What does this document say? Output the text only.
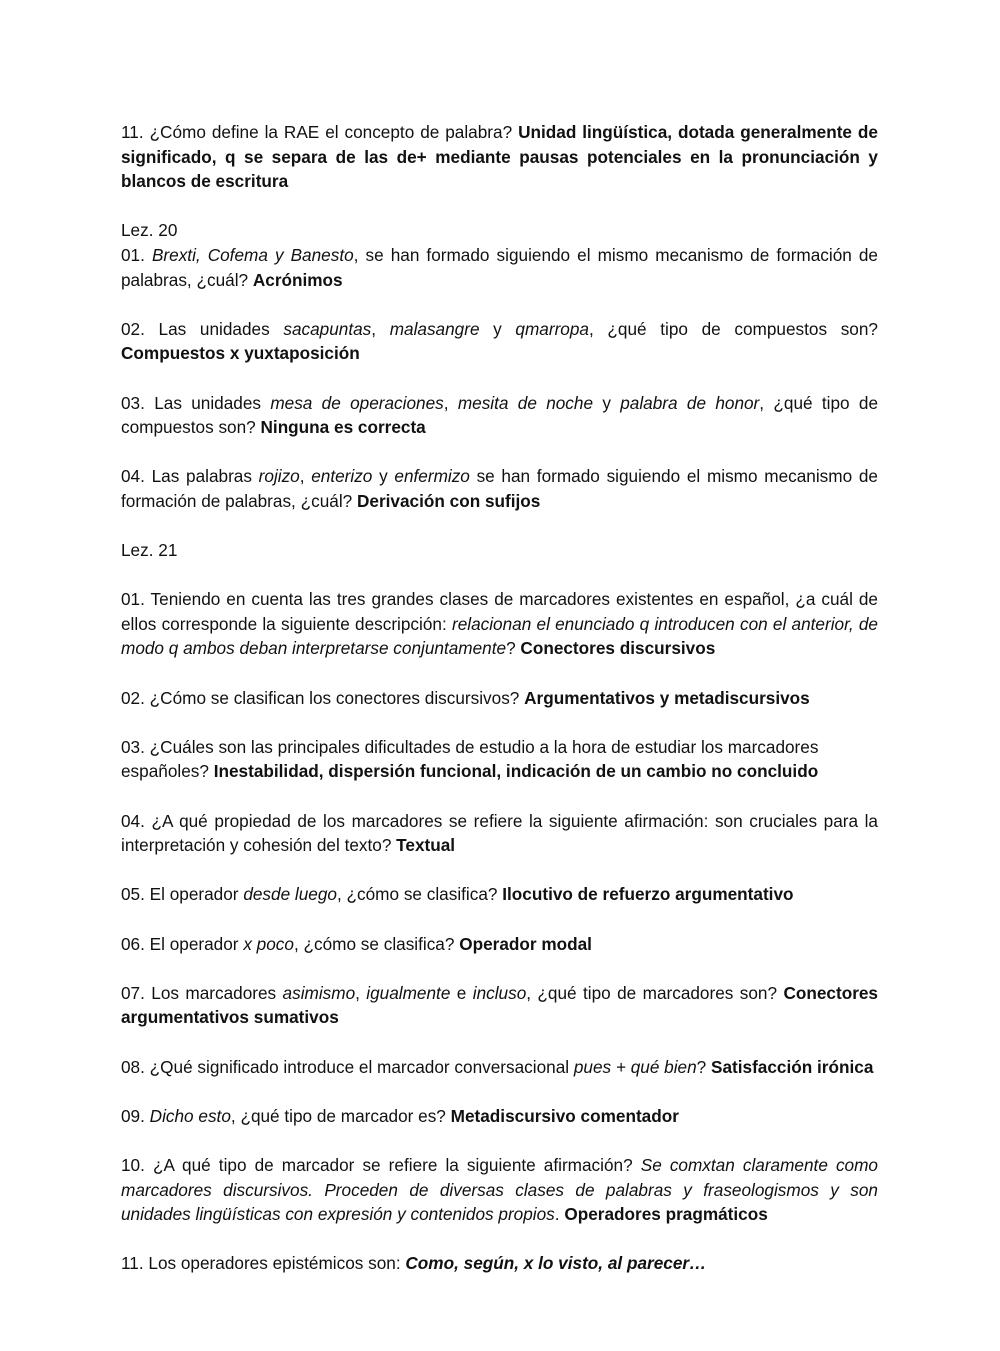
11. ¿Cómo define la RAE el concepto de palabra? Unidad lingüística, dotada generalmente de significado, q se separa de las de+ mediante pausas potenciales en la pronunciación y blancos de escritura

Lez. 20

01. Brexti, Cofema y Banesto, se han formado siguiendo el mismo mecanismo de formación de palabras, ¿cuál? Acrónimos

02. Las unidades sacapuntas, malasangre y qmarropa, ¿qué tipo de compuestos son? Compuestos x yuxtaposición

03. Las unidades mesa de operaciones, mesita de noche y palabra de honor, ¿qué tipo de compuestos son? Ninguna es correcta

04. Las palabras rojizo, enterizo y enfermizo se han formado siguiendo el mismo mecanismo de formación de palabras, ¿cuál? Derivación con sufijos

Lez. 21

01. Teniendo en cuenta las tres grandes clases de marcadores existentes en español, ¿a cuál de ellos corresponde la siguiente descripción: relacionan el enunciado q introducen con el anterior, de modo q ambos deban interpretarse conjuntamente? Conectores discursivos

02. ¿Cómo se clasifican los conectores discursivos? Argumentativos y metadiscursivos

03. ¿Cuáles son las principales dificultades de estudio a la hora de estudiar los marcadores españoles? Inestabilidad, dispersión funcional, indicación de un cambio no concluido

04. ¿A qué propiedad de los marcadores se refiere la siguiente afirmación: son cruciales para la interpretación y cohesión del texto? Textual

05. El operador desde luego, ¿cómo se clasifica? Ilocutivo de refuerzo argumentativo

06. El operador x poco, ¿cómo se clasifica? Operador modal

07. Los marcadores asimismo, igualmente e incluso, ¿qué tipo de marcadores son? Conectores argumentativos sumativos

08. ¿Qué significado introduce el marcador conversacional pues + qué bien? Satisfacción irónica

09. Dicho esto, ¿qué tipo de marcador es? Metadiscursivo comentador

10. ¿A qué tipo de marcador se refiere la siguiente afirmación? Se comxtan claramente como marcadores discursivos. Proceden de diversas clases de palabras y fraseologismos y son unidades lingüísticas con expresión y contenidos propios. Operadores pragmáticos

11. Los operadores epistémicos son: Como, según, x lo visto, al parecer…
